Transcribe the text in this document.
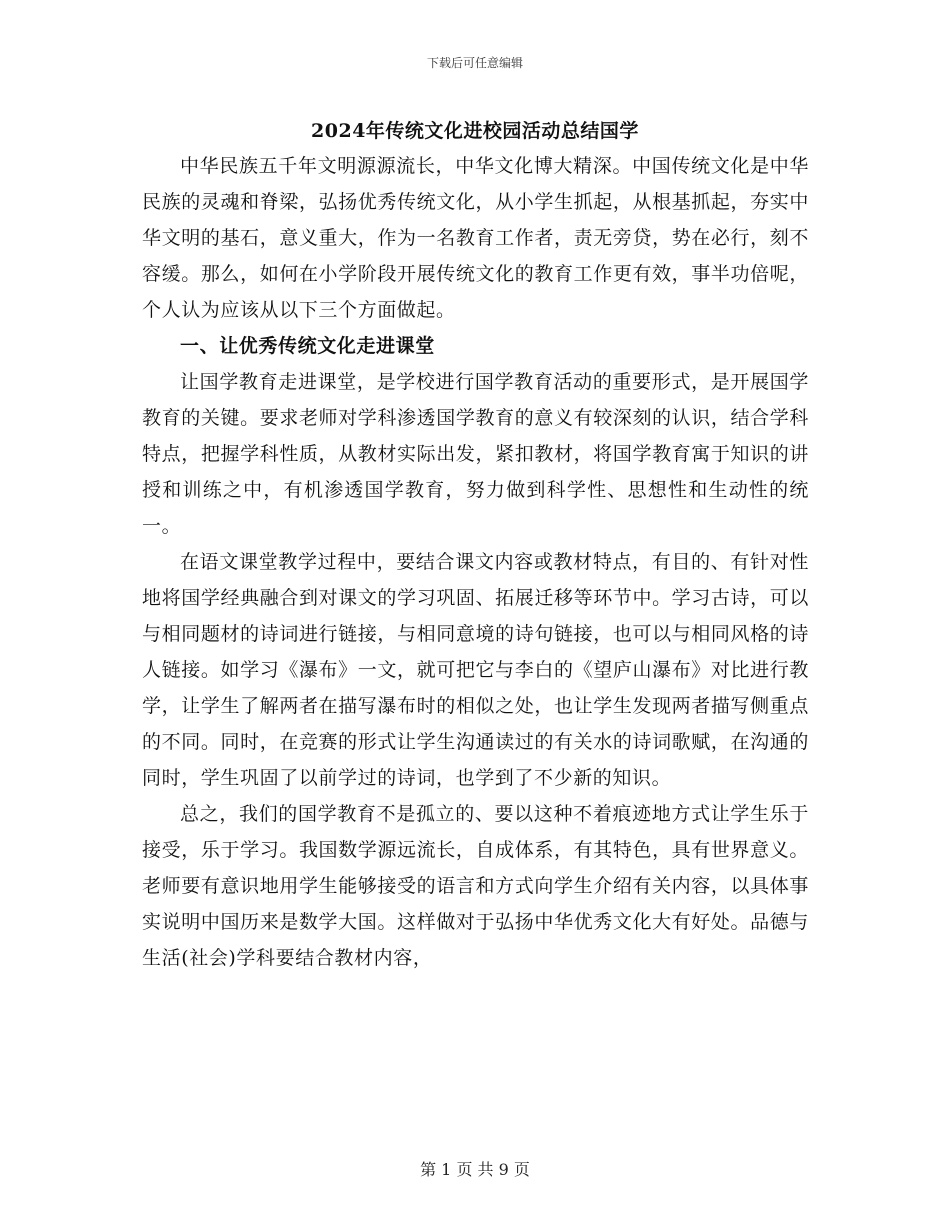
下载后可任意编辑
2024年传统文化进校园活动总结国学

中华民族五千年文明源源流长，中华文化博大精深。中国传统文化是中华民族的灵魂和脊梁，弘扬优秀传统文化，从小学生抓起，从根基抓起，夯实中华文明的基石，意义重大，作为一名教育工作者，责无旁贷，势在必行，刻不容缓。那么，如何在小学阶段开展传统文化的教育工作更有效，事半功倍呢，个人认为应该从以下三个方面做起。

一、让优秀传统文化走进课堂

让国学教育走进课堂，是学校进行国学教育活动的重要形式，是开展国学教育的关键。要求老师对学科渗透国学教育的意义有较深刻的认识，结合学科特点，把握学科性质，从教材实际出发，紧扣教材，将国学教育寓于知识的讲授和训练之中，有机渗透国学教育，努力做到科学性、思想性和生动性的统一。

在语文课堂教学过程中，要结合课文内容或教材特点，有目的、有针对性地将国学经典融合到对课文的学习巩固、拓展迁移等环节中。学习古诗，可以与相同题材的诗词进行链接，与相同意境的诗句链接，也可以与相同风格的诗人链接。如学习《瀑布》一文，就可把它与李白的《望庐山瀑布》对比进行教学，让学生了解两者在描写瀑布时的相似之处，也让学生发现两者描写侧重点的不同。同时，在竞赛的形式让学生沟通读过的有关水的诗词歌赋，在沟通的同时，学生巩固了以前学过的诗词，也学到了不少新的知识。

总之，我们的国学教育不是孤立的、要以这种不着痕迹地方式让学生乐于接受，乐于学习。我国数学源远流长，自成体系，有其特色，具有世界意义。老师要有意识地用学生能够接受的语言和方式向学生介绍有关内容，以具体事实说明中国历来是数学大国。这样做对于弘扬中华优秀文化大有好处。品德与生活(社会)学科要结合教材内容，

第 1 页 共 9 页
